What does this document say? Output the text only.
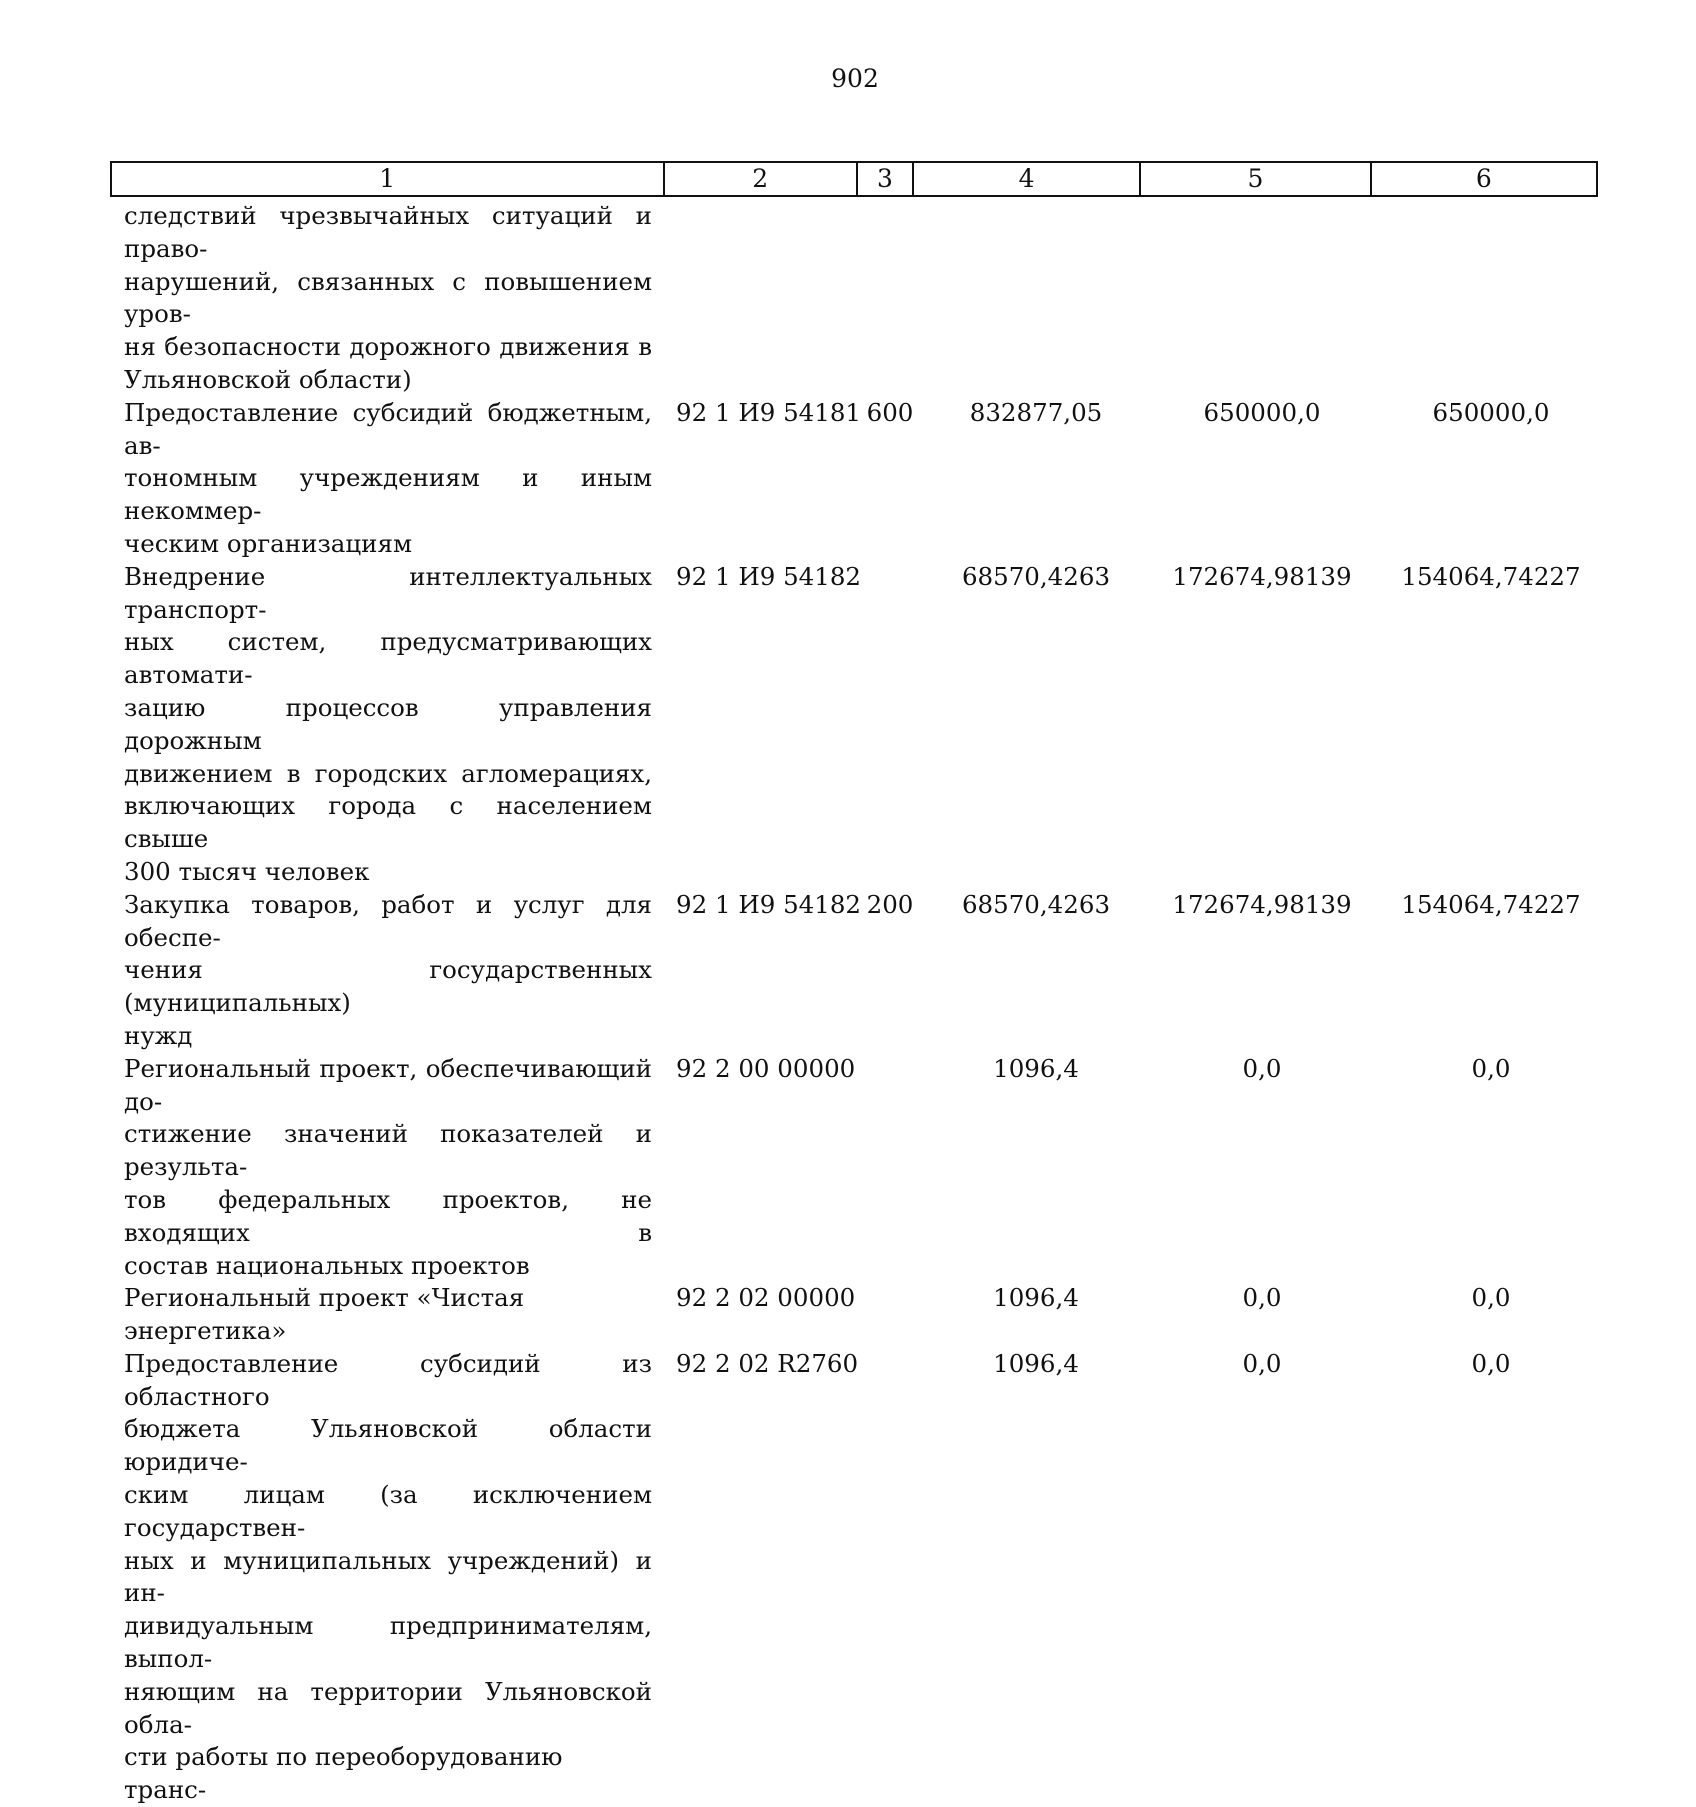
902
1	2	3	4	5	6
следствий чрезвычайных ситуаций и право-
нарушений, связанных с повышением уров-
ня безопасности дорожного движения в
Ульяновской области)
Предоставление субсидий бюджетным, ав-
тономным учреждениям и иным некоммер-
ческим организациям
92 1 И9 54181 600	832877,05	650000,0	650000,0
Внедрение интеллектуальных транспорт-
ных систем, предусматривающих автомати-
зацию процессов управления дорожным
движением в городских агломерациях,
включающих города с населением свыше
300 тысяч человек
92 1 И9 54182	68570,4263	172674,98139	154064,74227
Закупка товаров, работ и услуг для обеспе-
чения государственных (муниципальных)
нужд
92 1 И9 54182 200	68570,4263	172674,98139	154064,74227
Региональный проект, обеспечивающий до-
стижение значений показателей и результа-
тов федеральных проектов, не входящих в
состав национальных проектов
92 2 00 00000	1096,4	0,0	0,0
Региональный проект «Чистая энергетика»
92 2 02 00000	1096,4	0,0	0,0
Предоставление субсидий из областного
бюджета Ульяновской области юридиче-
ским лицам (за исключением государствен-
ных и муниципальных учреждений) и ин-
дивидуальным предпринимателям, выпол-
няющим на территории Ульяновской обла-
сти работы по переоборудованию транс-
92 2 02 R2760	1096,4	0,0	0,0
